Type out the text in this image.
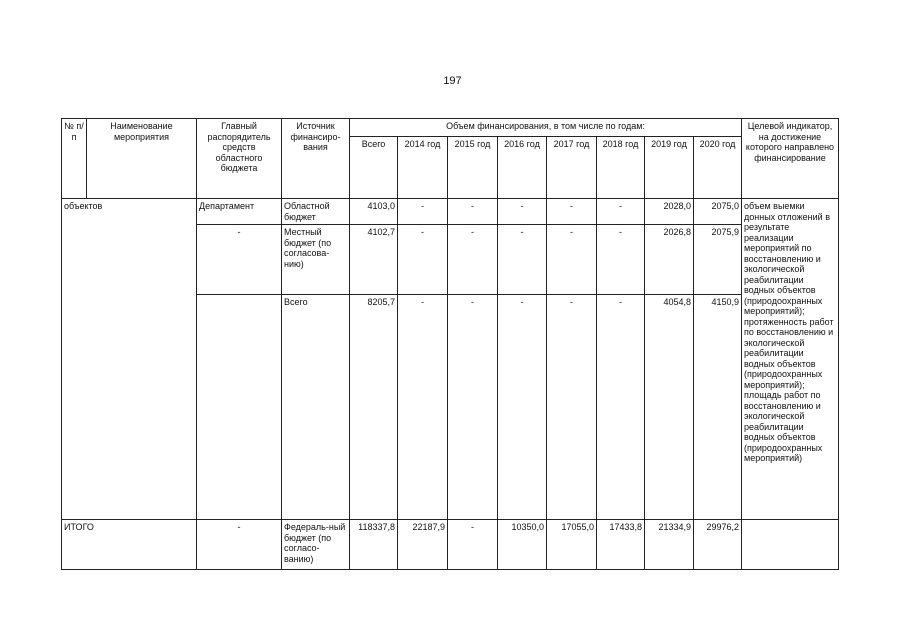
197
№ п/п	Наименование мероприятия	Главный распорядитель средств областного бюджета	Источник финансиро-вания	Объем финансирования, в том числе по годам:								Целевой индикатор, на достижение которого направлено финансирование
				Всего	2014 год	2015 год	2016 год	2017 год	2018 год	2019 год	2020 год	
объектов		Департамент	Областной бюджет	4103,0	-	-	-	-	-	2028,0	2075,0	объем выемки донных отложений в результате реализации мероприятий по восстановлению и экологической реабилитации водных объектов (природоохранных мероприятий); протяженность работ по восстановлению и экологической реабилитации водных объектов (природоохранных мероприятий); площадь работ по восстановлению и экологической реабилитации водных объектов (природоохранных мероприятий)
		-	Местный бюджет (по согласова-нию)	4102,7	-	-	-	-	-	2026,8	2075,9	
			Всего	8205,7	-	-	-	-	-	4054,8	4150,9	
ИТОГО		-	Федераль-ный бюджет (по согласо-ванию)	118337,8	22187,9	-	10350,0	17055,0	17433,8	21334,9	29976,2	
